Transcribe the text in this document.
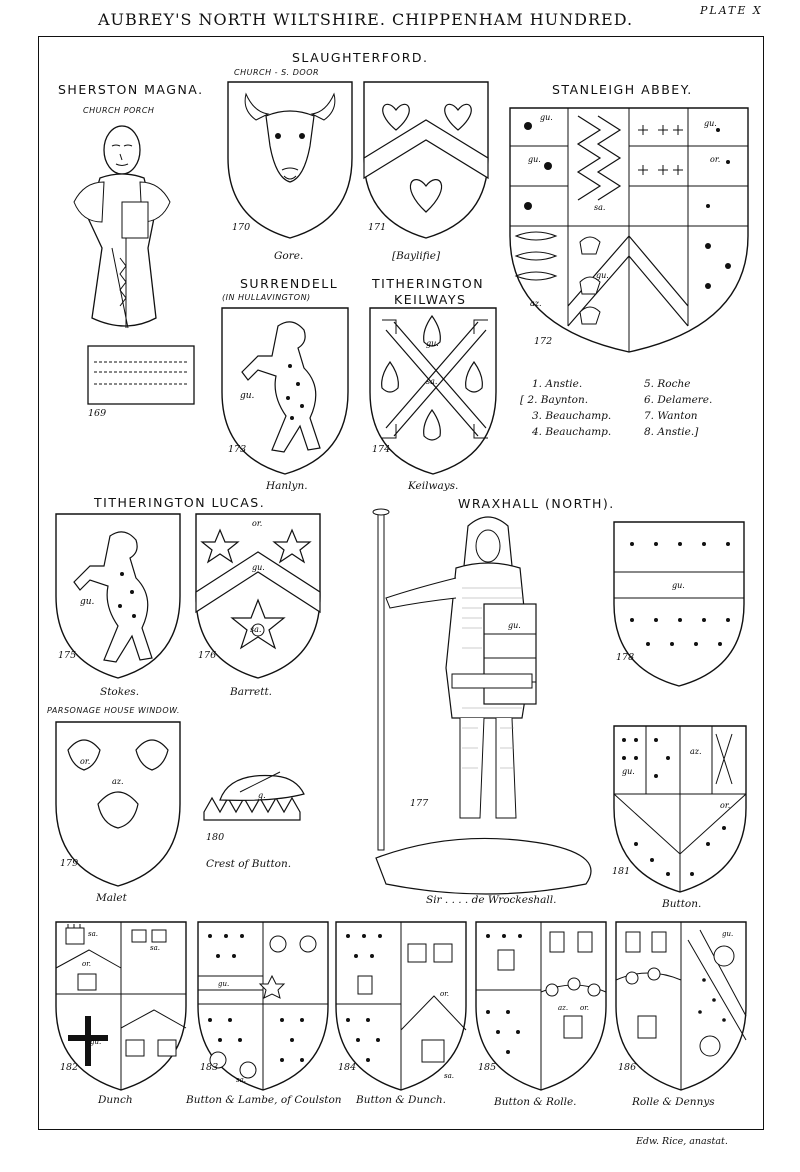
AUBREY'S NORTH WILTSHIRE. CHIPPENHAM HUNDRED.	PLATE X
SLAUGHTERFORD.
SHERSTON MAGNA.
CHURCH PORCH
CHURCH - S. DOOR
STANLEIGH ABBEY.
SURRENDELL
(IN HULLAVINGTON)
TITHERINGTON
KEILWAYS
TITHERINGTON LUCAS.	WRAXHALL (NORTH).
PARSONAGE HOUSE WINDOW.
169
170
Gore.
171
[Baylifie]
gu.
gu.
sa.
gu.
or.
gu.
az.
172
1. Anstie.
[ 2. Baynton.
3. Beauchamp.
4. Beauchamp.
5. Roche
6. Delamere.
7. Wanton
8. Anstie.]
gu.
173
Hanlyn.
gu.
sa.
174
Keilways.
gu.
175
Stokes.
or.
gu.
sa.
176
Barrett.
gu.
177
Sir . . . . de Wrockeshall.
gu.
178
or.
az.
179
Malet
g.
180
Crest of Button.
az.
or.
gu.
181
Button.
sa.
sa.
or.
gu.
182
Dunch
gu.
sa.
183
Button & Lambe, of Coulston
or.
sa.
184
Button & Dunch.
az. or.
185
Button & Rolle.
gu.
186
Rolle & Dennys
Edw. Rice, anastat.
